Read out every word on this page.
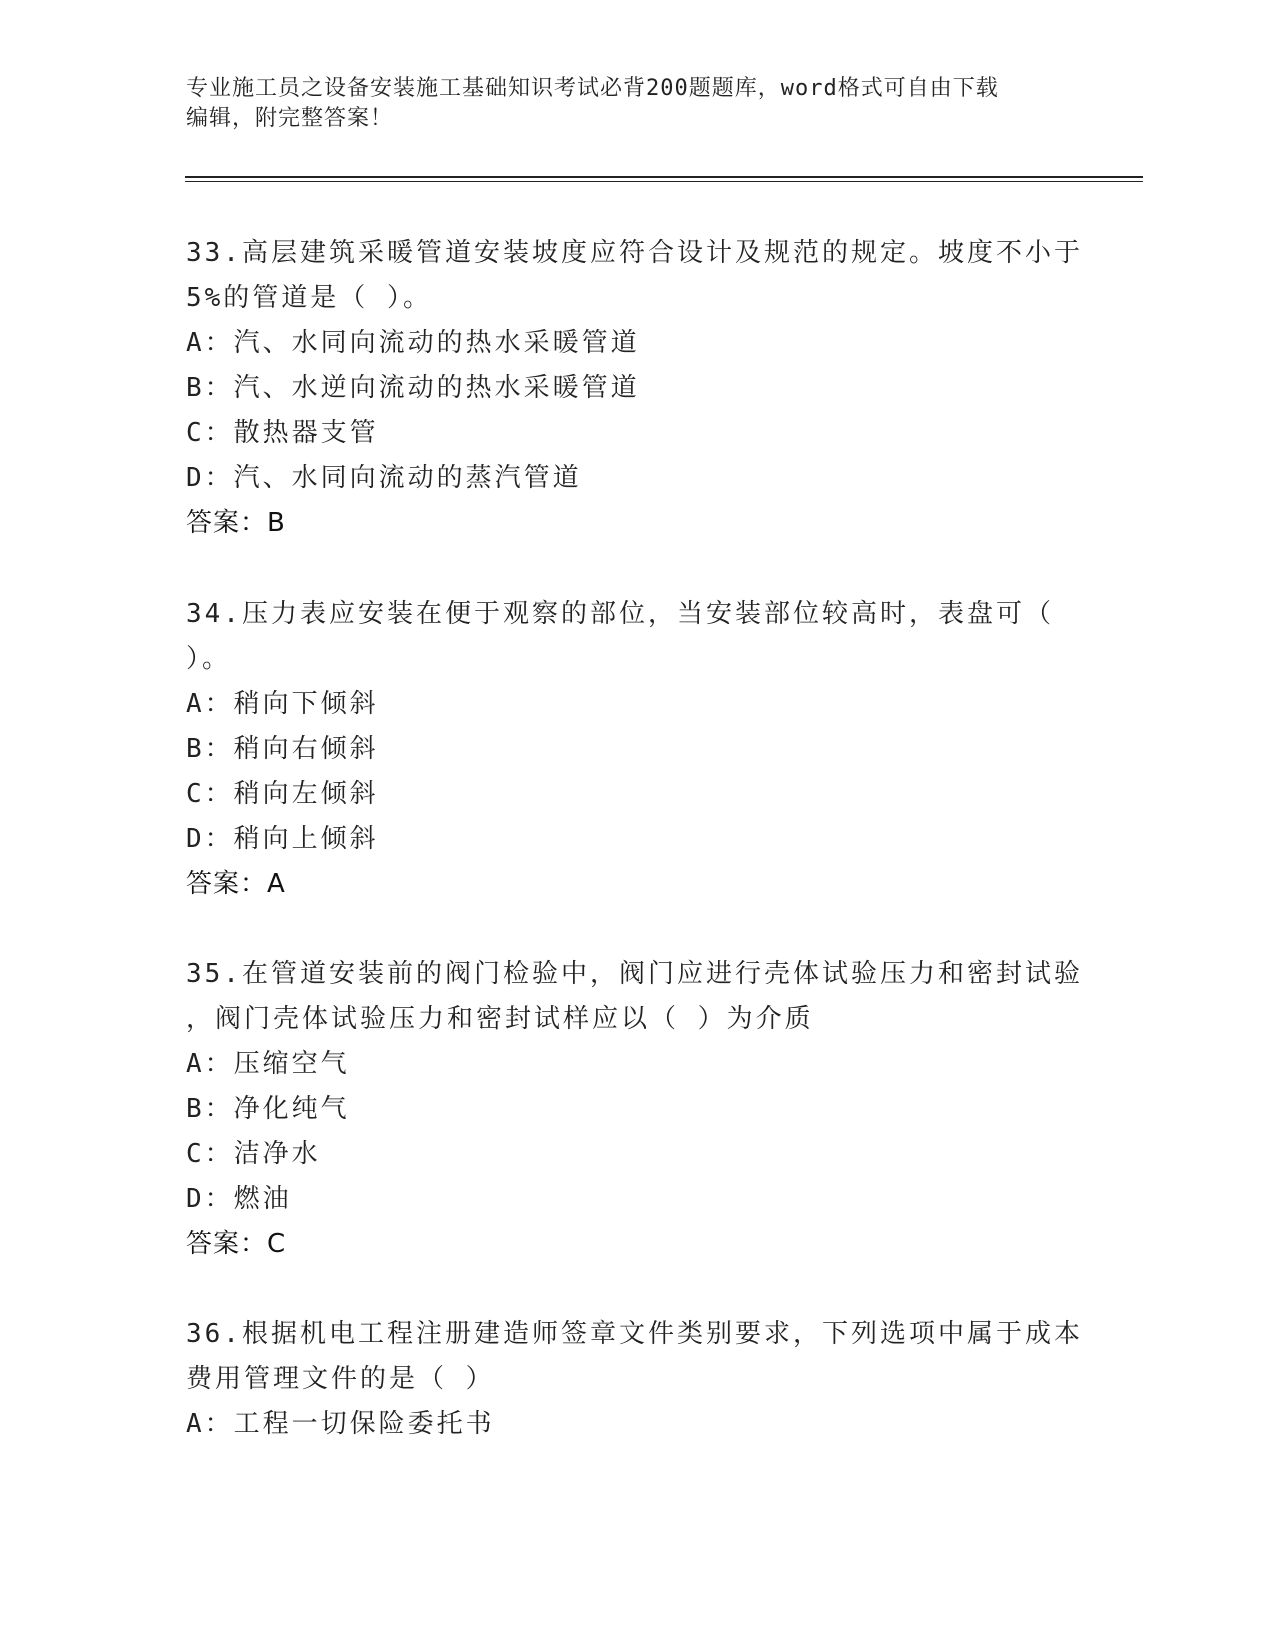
专业施工员之设备安装施工基础知识考试必背200题题库，word格式可自由下载
编辑，附完整答案！
33.高层建筑采暖管道安装坡度应符合设计及规范的规定。坡度不小于
5%的管道是（ ）。
A：汽、水同向流动的热水采暖管道
B：汽、水逆向流动的热水采暖管道
C：散热器支管
D：汽、水同向流动的蒸汽管道
答案：B
34.压力表应安装在便于观察的部位，当安装部位较高时，表盘可（
）。
A：稍向下倾斜
B：稍向右倾斜
C：稍向左倾斜
D：稍向上倾斜
答案：A
35.在管道安装前的阀门检验中，阀门应进行壳体试验压力和密封试验
，阀门壳体试验压力和密封试样应以（ ）为介质
A：压缩空气
B：净化纯气
C：洁净水
D：燃油
答案：C
36.根据机电工程注册建造师签章文件类别要求，下列选项中属于成本
费用管理文件的是（ ）
A：工程一切保险委托书
